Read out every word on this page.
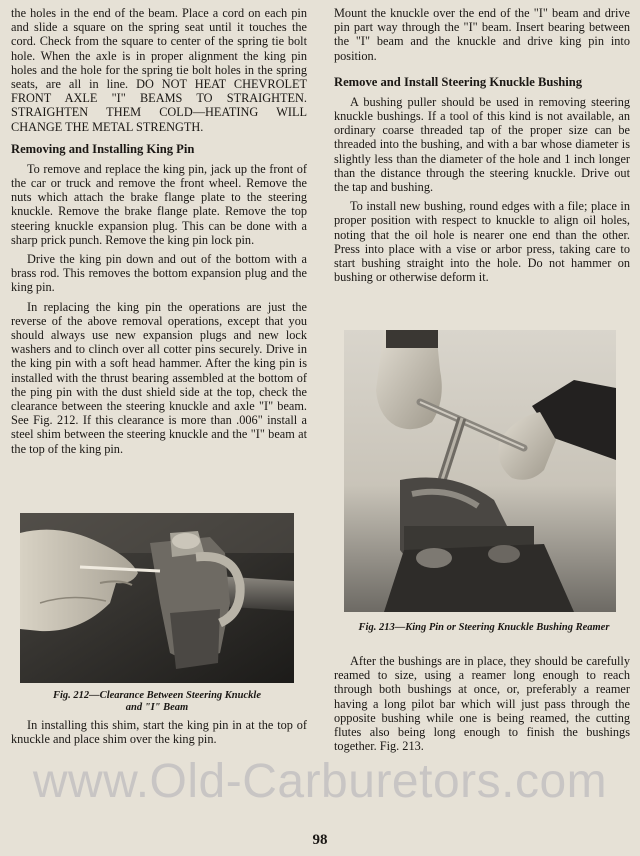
the holes in the end of the beam. Place a cord on each pin and slide a square on the spring seat until it touches the cord. Check from the square to center of the spring tie bolt hole. When the axle is in proper alignment the king pin holes and the hole for the spring tie bolt holes in the spring seats, are all in line. DO NOT HEAT CHEVROLET FRONT AXLE "I" BEAMS TO STRAIGHTEN. STRAIGHTEN THEM COLD—HEATING WILL CHANGE THE METAL STRENGTH.

Removing and Installing King Pin

To remove and replace the king pin, jack up the front of the car or truck and remove the front wheel. Remove the nuts which attach the brake flange plate to the steering knuckle. Remove the brake flange plate. Remove the top steering knuckle expansion plug. This can be done with a sharp prick punch. Remove the king pin lock pin.

Drive the king pin down and out of the bottom with a brass rod. This removes the bottom expansion plug and the king pin.

In replacing the king pin the operations are just the reverse of the above removal operations, except that you should always use new expansion plugs and new lock washers and to clinch over all cotter pins securely. Drive in the king pin with a soft head hammer. After the king pin is installed with the thrust bearing assembled at the bottom of the ping pin with the dust shield side at the top, check the clearance between the steering knuckle and axle "I" beam. See Fig. 212. If this clearance is more than .006" install a steel shim between the steering knuckle and the "I" beam at the top of the king pin.

Fig. 212—Clearance Between Steering Knuckle and "I" Beam

In installing this shim, start the king pin in at the top of knuckle and place shim over the king pin.

Mount the knuckle over the end of the "I" beam and drive pin part way through the "I" beam. Insert bearing between the "I" beam and the knuckle and drive king pin into position.

Remove and Install Steering Knuckle Bushing

A bushing puller should be used in removing steering knuckle bushings. If a tool of this kind is not available, an ordinary coarse threaded tap of the proper size can be threaded into the bushing, and with a bar whose diameter is slightly less than the diameter of the hole and 1 inch longer than the distance through the steering knuckle. Drive out the tap and bushing.

To install new bushing, round edges with a file; place in proper position with respect to knuckle to align oil holes, noting that the oil hole is nearer one end than the other. Press into place with a vise or arbor press, taking care to start bushing straight into the hole. Do not hammer on bushing or otherwise deform it.

Fig. 213—King Pin or Steering Knuckle Bushing Reamer

After the bushings are in place, they should be carefully reamed to size, using a reamer long enough to reach through both bushings at once, or, preferably a reamer having a long pilot bar which will just pass through the opposite bushing while one is being reamed, the cutting flutes also being long enough to finish the bushings together. Fig. 213.

www.Old-Carburetors.com
98
